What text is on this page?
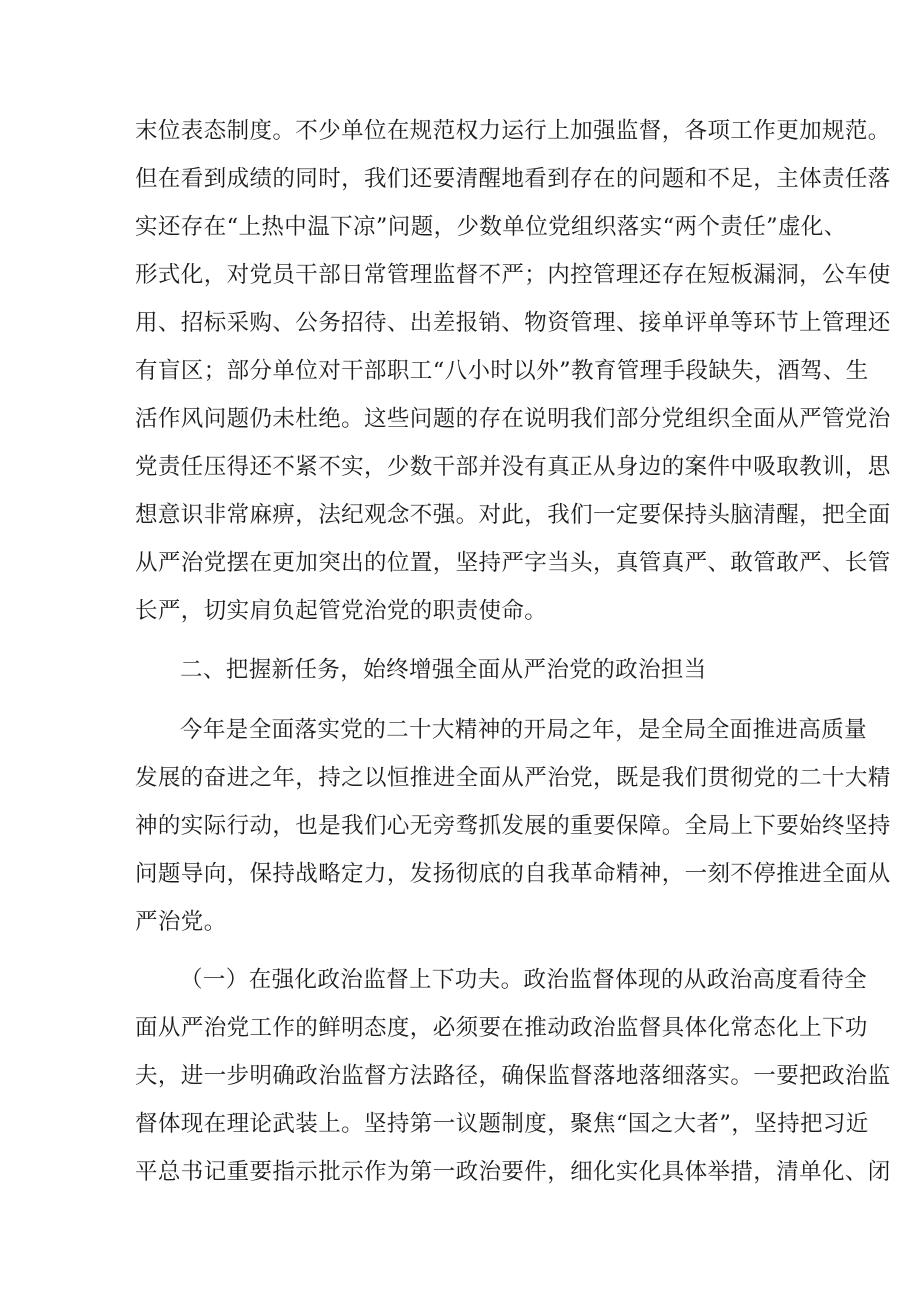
末位表态制度。不少单位在规范权力运行上加强监督，各项工作更加规范。
但在看到成绩的同时，我们还要清醒地看到存在的问题和不足，主体责任落
实还存在“上热中温下凉”问题，少数单位党组织落实“两个责任”虚化、
形式化，对党员干部日常管理监督不严；内控管理还存在短板漏洞，公车使
用、招标采购、公务招待、出差报销、物资管理、接单评单等环节上管理还
有盲区；部分单位对干部职工“八小时以外”教育管理手段缺失，酒驾、生
活作风问题仍未杜绝。这些问题的存在说明我们部分党组织全面从严管党治
党责任压得还不紧不实，少数干部并没有真正从身边的案件中吸取教训，思
想意识非常麻痹，法纪观念不强。对此，我们一定要保持头脑清醒，把全面
从严治党摆在更加突出的位置，坚持严字当头，真管真严、敢管敢严、长管
长严，切实肩负起管党治党的职责使命。
二、把握新任务，始终增强全面从严治党的政治担当
今年是全面落实党的二十大精神的开局之年，是全局全面推进高质量
发展的奋进之年，持之以恒推进全面从严治党，既是我们贯彻党的二十大精
神的实际行动，也是我们心无旁骛抓发展的重要保障。全局上下要始终坚持
问题导向，保持战略定力，发扬彻底的自我革命精神，一刻不停推进全面从
严治党。
（一）在强化政治监督上下功夫。政治监督体现的从政治高度看待全
面从严治党工作的鲜明态度，必须要在推动政治监督具体化常态化上下功
夫，进一步明确政治监督方法路径，确保监督落地落细落实。一要把政治监
督体现在理论武装上。坚持第一议题制度，聚焦“国之大者”，坚持把习近
平总书记重要指示批示作为第一政治要件，细化实化具体举措，清单化、闭
